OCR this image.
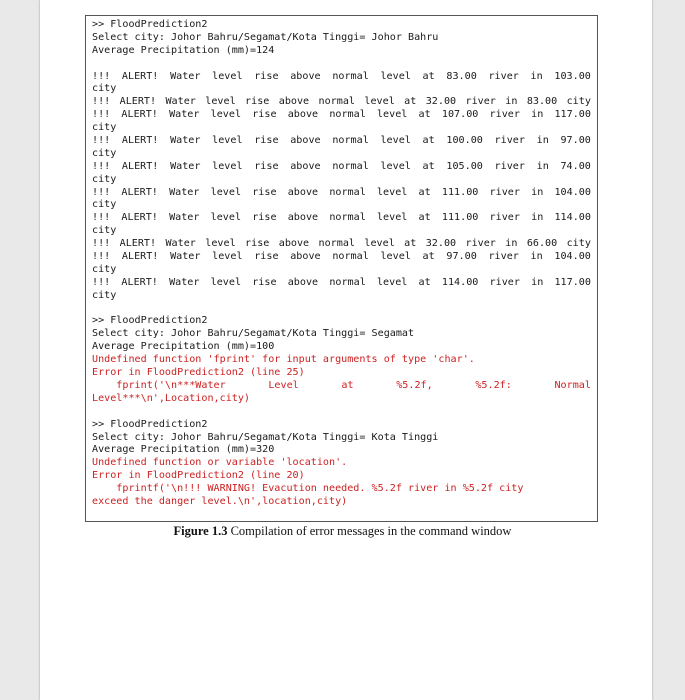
>> FloodPrediction2
Select city: Johor Bahru/Segamat/Kota Tinggi= Johor Bahru
Average Precipitation (mm)=124
!!! ALERT! Water level rise above normal level at 83.00 river in 103.00
city
!!! ALERT! Water level rise above normal level at 32.00 river in 83.00 city
!!! ALERT! Water level rise above normal level at 107.00 river in 117.00
city
!!! ALERT! Water level rise above normal level at 100.00 river in 97.00
city
!!! ALERT! Water level rise above normal level at 105.00 river in 74.00
city
!!! ALERT! Water level rise above normal level at 111.00 river in 104.00
city
!!! ALERT! Water level rise above normal level at 111.00 river in 114.00
city
!!! ALERT! Water level rise above normal level at 32.00 river in 66.00 city
!!! ALERT! Water level rise above normal level at 97.00 river in 104.00
city
!!! ALERT! Water level rise above normal level at 114.00 river in 117.00
city
>> FloodPrediction2
Select city: Johor Bahru/Segamat/Kota Tinggi= Segamat
Average Precipitation (mm)=100
Undefined function 'fprint' for input arguments of type 'char'.
Error in FloodPrediction2 (line 25)
fprint('\n***Water	Level	at	%5.2f,	%5.2f:	Normal
Level***\n',Location,city)
>> FloodPrediction2
Select city: Johor Bahru/Segamat/Kota Tinggi= Kota Tinggi
Average Precipitation (mm)=320
Undefined function or variable 'location'.
Error in FloodPrediction2 (line 20)
fprintf('\n!!! WARNING! Evacution needed. %5.2f river in %5.2f city
exceed the danger level.\n',location,city)
Figure 1.3 Compilation of error messages in the command window
